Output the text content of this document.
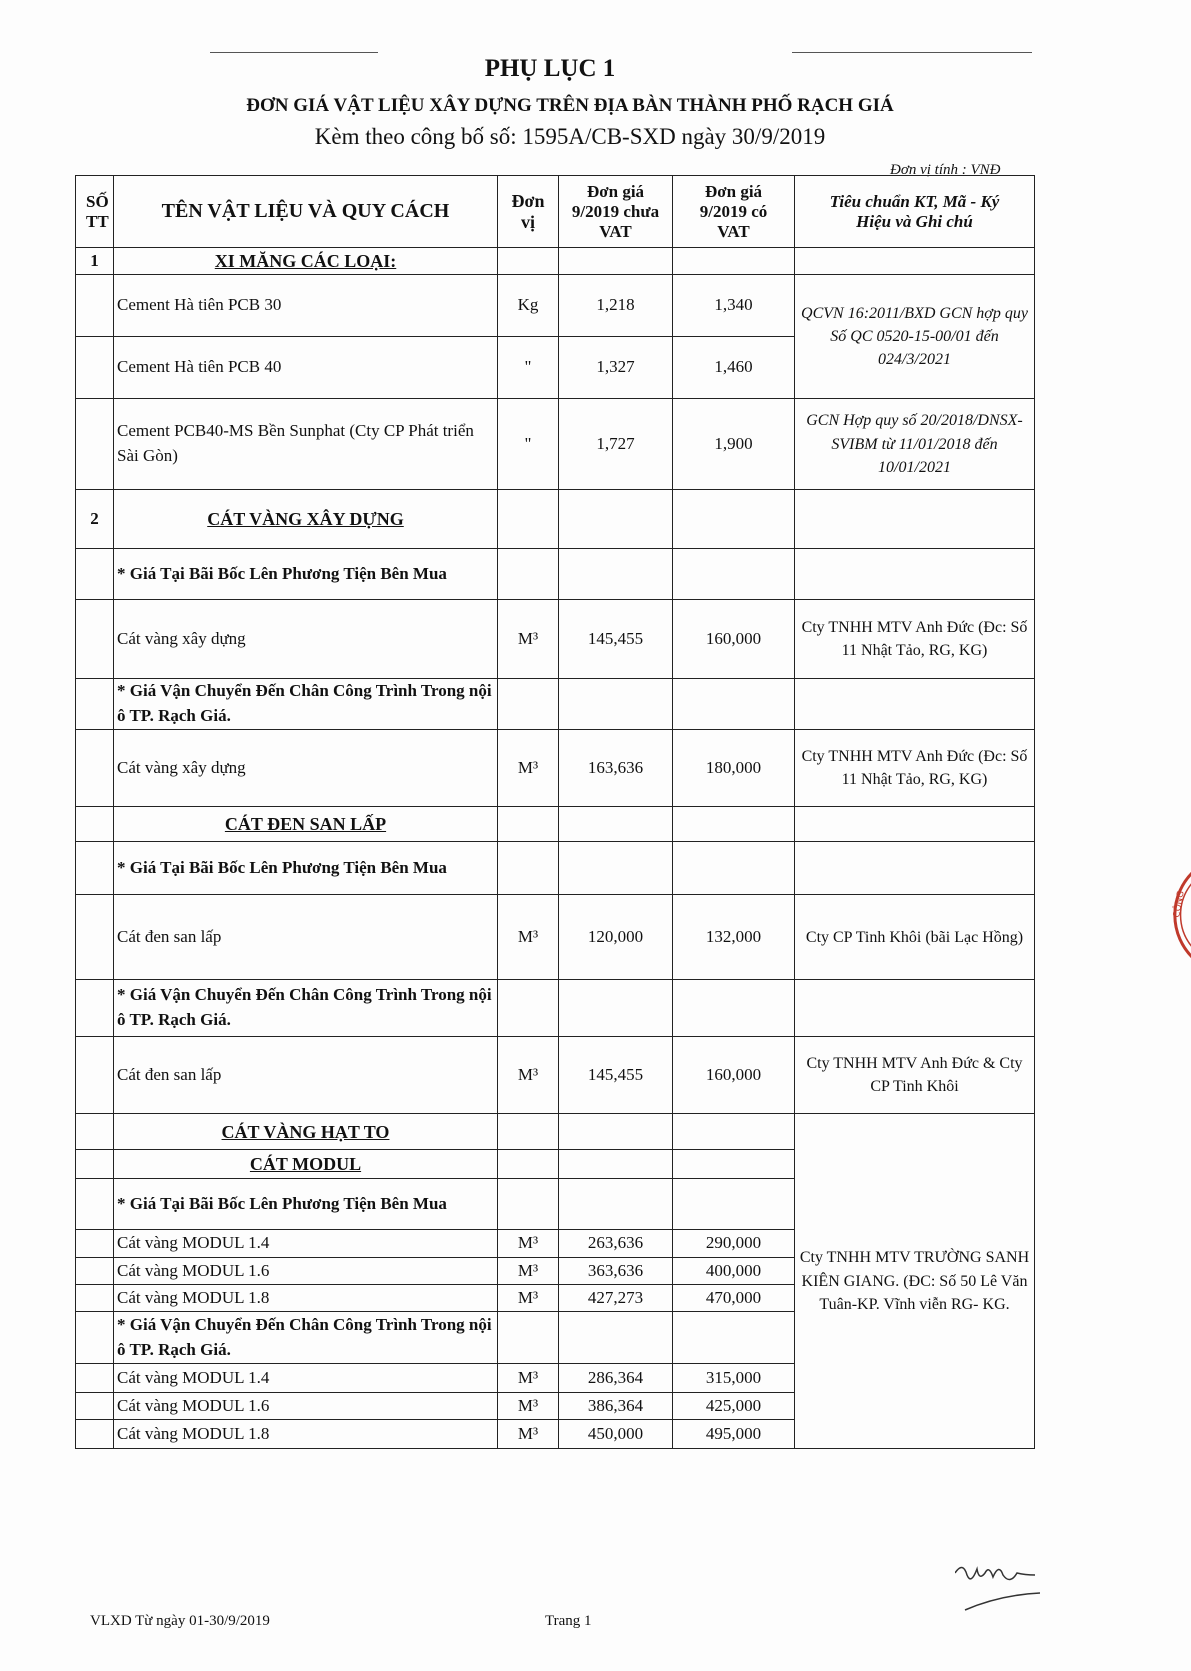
PHỤ LỤC 1
ĐƠN GIÁ VẬT LIỆU XÂY DỰNG TRÊN ĐỊA BÀN THÀNH PHỐ RẠCH GIÁ
Kèm theo công bố số: 1595A/CB-SXD ngày 30/9/2019
Đơn vị tính : VNĐ
SỐ TT	TÊN VẬT LIỆU VÀ QUY CÁCH	Đơn vị	Đơn giá 9/2019 chưa VAT	Đơn giá 9/2019 có VAT	Tiêu chuẩn KT, Mã - Ký Hiệu và Ghi chú
1	XI MĂNG CÁC LOẠI:				
	Cement Hà tiên PCB 30	Kg	1,218	1,340	QCVN 16:2011/BXD GCN hợp quy Số QC 0520-15-00/01 đến 024/3/2021
	Cement Hà tiên PCB 40	"	1,327	1,460	
	Cement PCB40-MS Bền Sunphat (Cty CP Phát triển Sài Gòn)	"	1,727	1,900	GCN Hợp quy số 20/2018/DNSX-SVIBM từ 11/01/2018 đến 10/01/2021
2	CÁT VÀNG XÂY DỰNG				
	* Giá Tại Bãi Bốc Lên Phương Tiện Bên Mua				
	Cát vàng xây dựng	M³	145,455	160,000	Cty TNHH MTV Anh Đức (Đc: Số 11 Nhật Tảo, RG, KG)
	* Giá Vận Chuyển Đến Chân Công Trình Trong nội ô TP. Rạch Giá.				
	Cát vàng xây dựng	M³	163,636	180,000	Cty TNHH MTV Anh Đức (Đc: Số 11 Nhật Tảo, RG, KG)
	CÁT ĐEN SAN LẤP				
	* Giá Tại Bãi Bốc Lên Phương Tiện Bên Mua				
	Cát đen san lấp	M³	120,000	132,000	Cty CP Tinh Khôi (bãi Lạc Hồng)
	* Giá Vận Chuyển Đến Chân Công Trình Trong nội ô TP. Rạch Giá.				
	Cát đen san lấp	M³	145,455	160,000	Cty TNHH MTV Anh Đức & Cty CP Tinh Khôi
	CÁT VÀNG HẠT TO				Cty TNHH MTV TRƯỜNG SANH KIÊN GIANG. (ĐC: Số 50 Lê Văn Tuân-KP. Vĩnh viễn RG- KG.
	CÁT MODUL				
	* Giá Tại Bãi Bốc Lên Phương Tiện Bên Mua				
	Cát vàng MODUL 1.4	M³	263,636	290,000	
	Cát vàng MODUL 1.6	M³	363,636	400,000	
	Cát vàng MODUL 1.8	M³	427,273	470,000	
	* Giá Vận Chuyển Đến Chân Công Trình Trong nội ô TP. Rạch Giá.				
	Cát vàng MODUL 1.4	M³	286,364	315,000	
	Cát vàng MODUL 1.6	M³	386,364	425,000	
	Cát vàng MODUL 1.8	M³	450,000	495,000	
CÔNG
VLXD Từ ngày 01-30/9/2019	Trang 1
